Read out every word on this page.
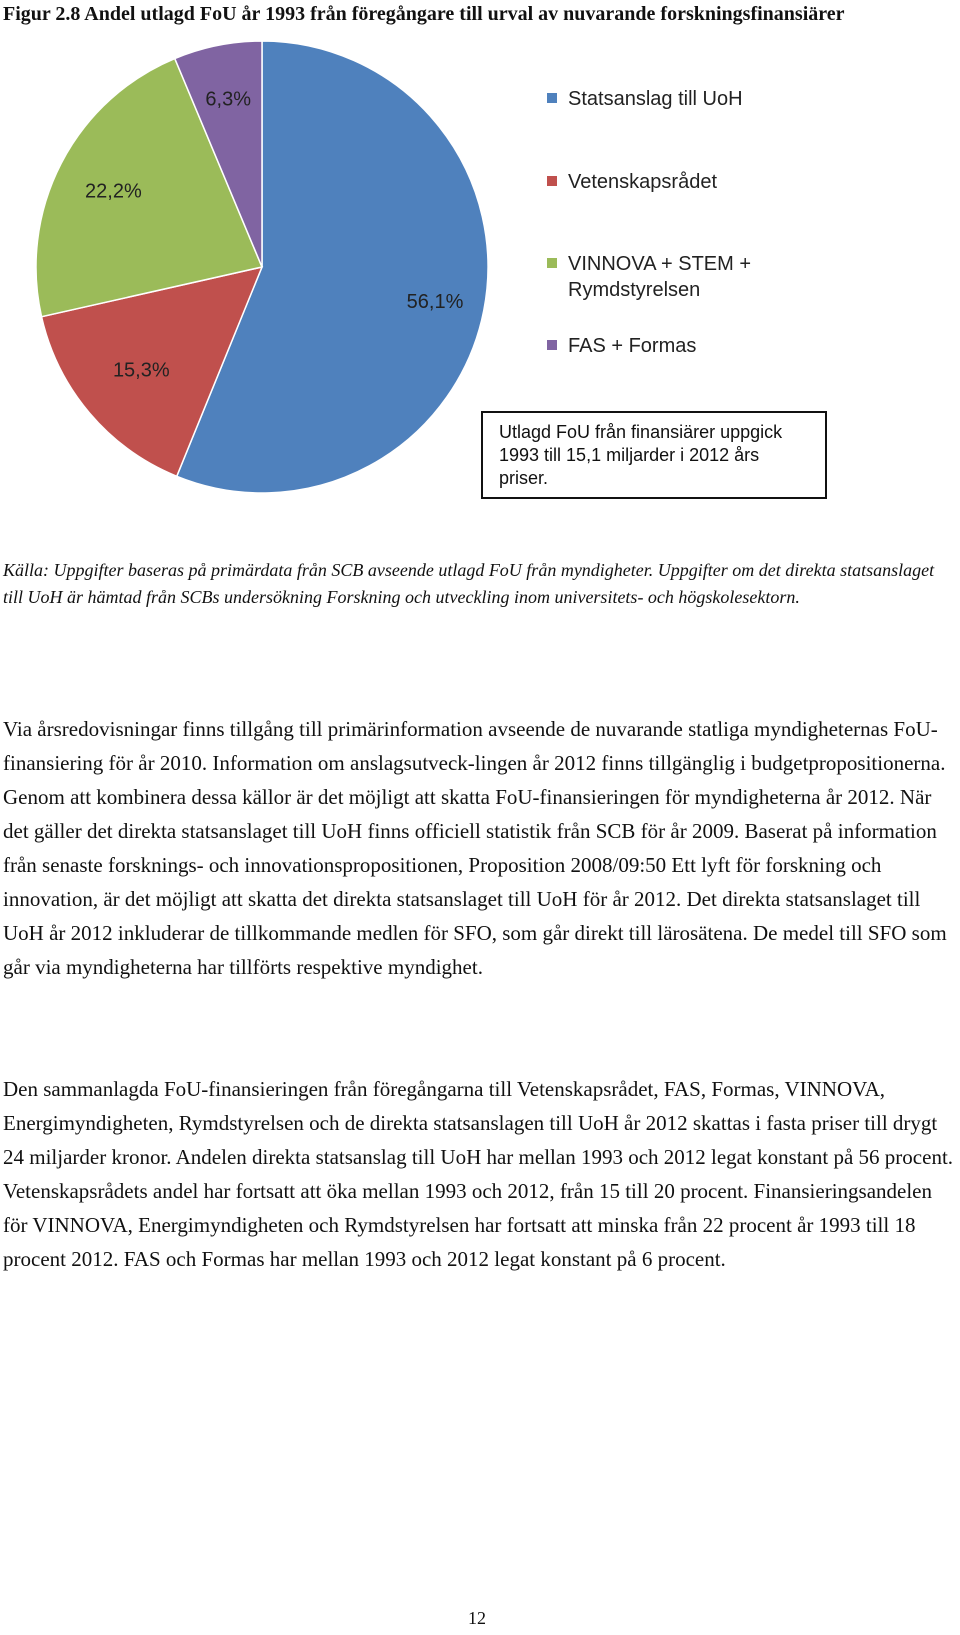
Figur 2.8 Andel utlagd FoU år 1993 från föregångare till urval av nuvarande forskningsfinansiärer
56,1%
15,3%
22,2%
6,3%	Statsanslag till UoH
Vetenskapsrådet
VINNOVA + STEM +
Rymdstyrelsen
FAS + Formas
Utlagd FoU från finansiärer uppgick 1993 till 15,1 miljarder i 2012 års priser.
Källa: Uppgifter baseras på primärdata från SCB avseende utlagd FoU från myndigheter. Uppgifter om det direkta statsanslaget till UoH är hämtad från SCBs undersökning Forskning och utveckling inom universitets- och högskolesektorn.
Via årsredovisningar finns tillgång till primärinformation avseende de nuvarande statliga myndigheternas FoU-finansiering för år 2010. Information om anslagsutveck-lingen år 2012 finns tillgänglig i budgetpropositionerna. Genom att kombinera dessa källor är det möjligt att skatta FoU-finansieringen för myndigheterna år 2012. När det gäller det direkta statsanslaget till UoH finns officiell statistik från SCB för år 2009. Baserat på information från senaste forsknings- och innovationspropositionen, Proposition 2008/09:50 Ett lyft för forskning och innovation, är det möjligt att skatta det direkta statsanslaget till UoH för år 2012. Det direkta statsanslaget till UoH år 2012 inkluderar de tillkommande medlen för SFO, som går direkt till lärosätena. De medel till SFO som går via myndigheterna har tillförts respektive myndighet.
Den sammanlagda FoU-finansieringen från föregångarna till Vetenskapsrådet, FAS, Formas, VINNOVA, Energimyndigheten, Rymdstyrelsen och de direkta statsanslagen till UoH år 2012 skattas i fasta priser till drygt 24 miljarder kronor. Andelen direkta statsanslag till UoH har mellan 1993 och 2012 legat konstant på 56 procent. Vetenskapsrådets andel har fortsatt att öka mellan 1993 och 2012, från 15 till 20 procent. Finansieringsandelen för VINNOVA, Energimyndigheten och Rymdstyrelsen har fortsatt att minska från 22 procent år 1993 till 18 procent 2012. FAS och Formas har mellan 1993 och 2012 legat konstant på 6 procent.
12
